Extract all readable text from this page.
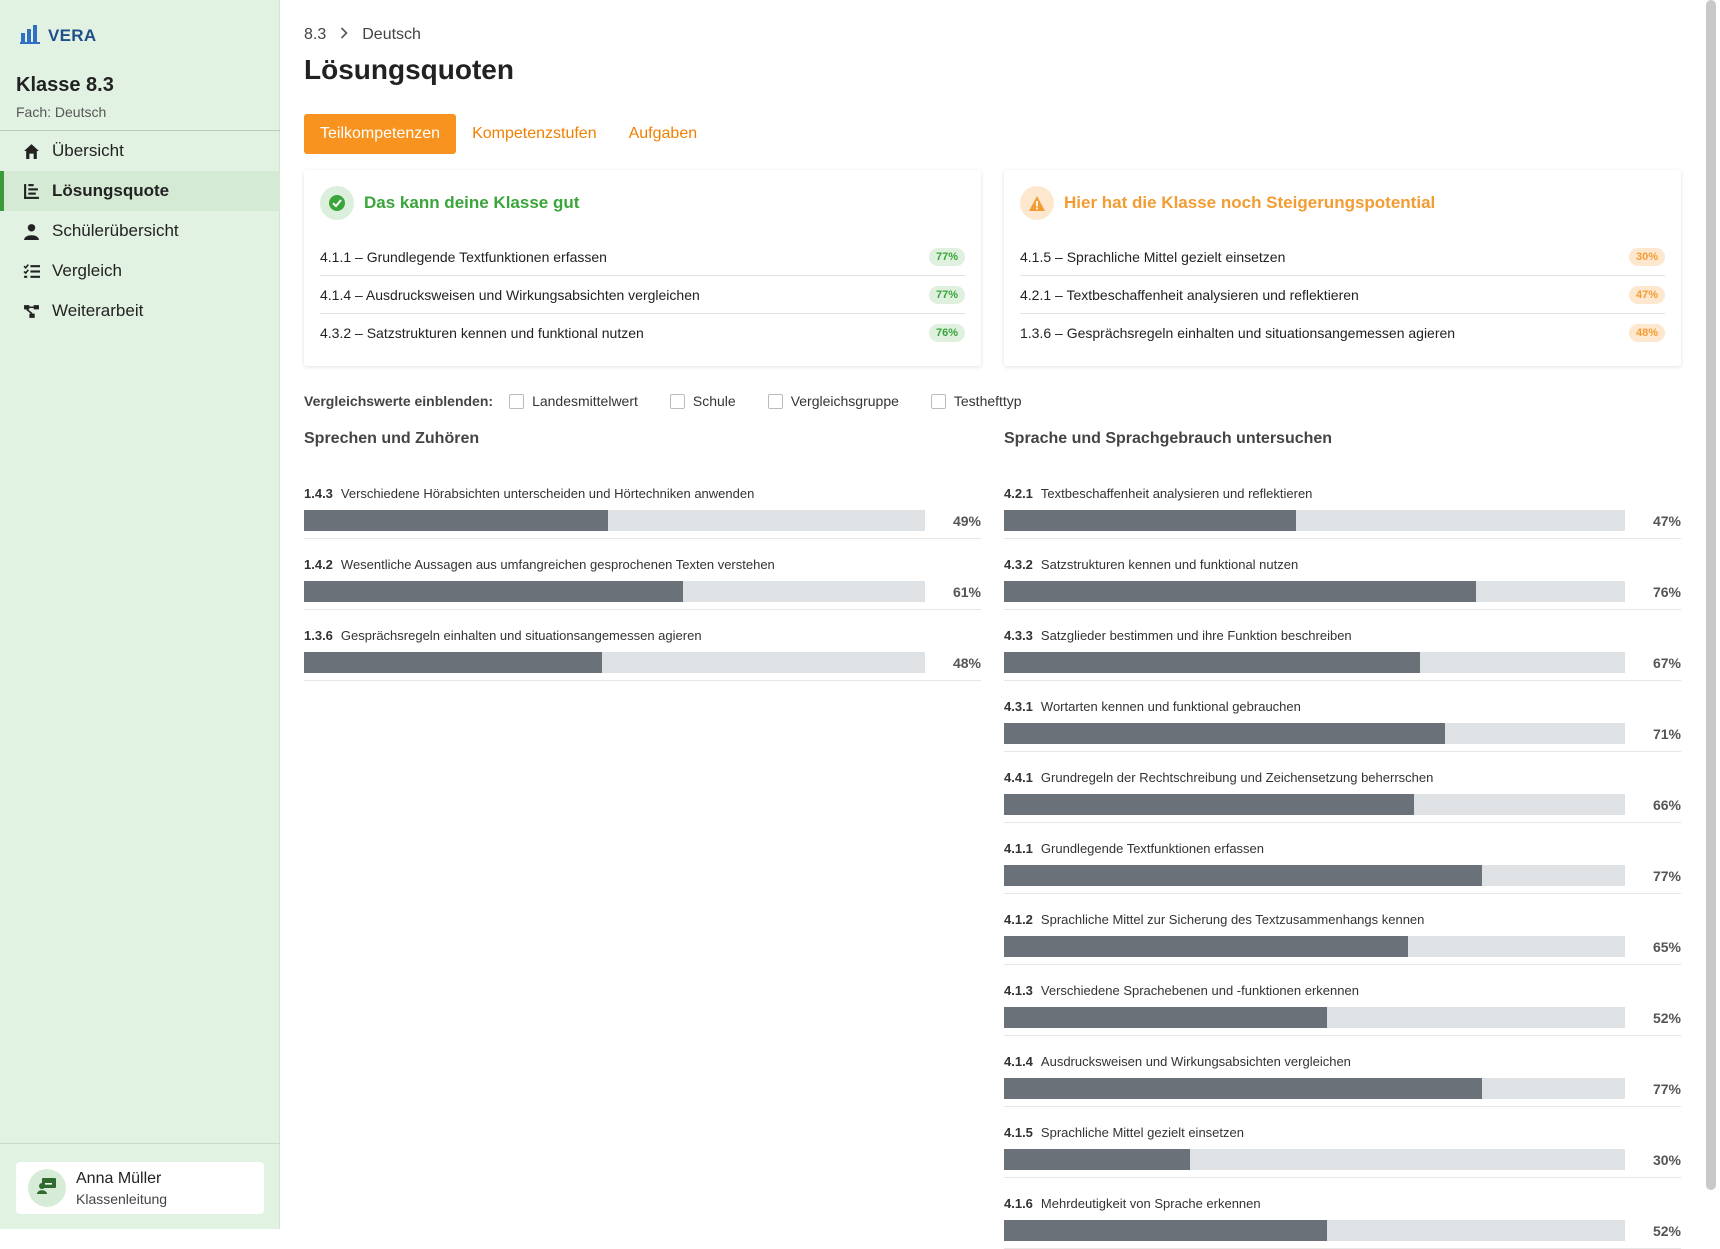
VERA
Klasse 8.3
Fach: Deutsch
Übersicht
Lösungsquote
Schülerübersicht
Vergleich
Weiterarbeit
Anna Müller
Klassenleitung
8.3 Deutsch
Lösungsquoten
Teilkompetenzen	Kompetenzstufen	Aufgaben
Das kann deine Klasse gut
4.1.1 – Grundlegende Textfunktionen erfassen	77%
4.1.4 – Ausdrucksweisen und Wirkungsabsichten vergleichen	77%
4.3.2 – Satzstrukturen kennen und funktional nutzen	76%
Hier hat die Klasse noch Steigerungspotential
4.1.5 – Sprachliche Mittel gezielt einsetzen	30%
4.2.1 – Textbeschaffenheit analysieren und reflektieren	47%
1.3.6 – Gesprächsregeln einhalten und situationsangemessen agieren	48%
Vergleichswerte einblenden:	Landesmittelwert	Schule	Vergleichsgruppe	Testhefttyp
Sprechen und Zuhören
1.4.3 Verschiedene Hörabsichten unterscheiden und Hörtechniken anwenden
49%
1.4.2 Wesentliche Aussagen aus umfangreichen gesprochenen Texten verstehen
61%
1.3.6 Gesprächsregeln einhalten und situationsangemessen agieren
48%
Sprache und Sprachgebrauch untersuchen
4.2.1 Textbeschaffenheit analysieren und reflektieren
47%
4.3.2 Satzstrukturen kennen und funktional nutzen
76%
4.3.3 Satzglieder bestimmen und ihre Funktion beschreiben
67%
4.3.1 Wortarten kennen und funktional gebrauchen
71%
4.4.1 Grundregeln der Rechtschreibung und Zeichensetzung beherrschen
66%
4.1.1 Grundlegende Textfunktionen erfassen
77%
4.1.2 Sprachliche Mittel zur Sicherung des Textzusammenhangs kennen
65%
4.1.3 Verschiedene Sprachebenen und -funktionen erkennen
52%
4.1.4 Ausdrucksweisen und Wirkungsabsichten vergleichen
77%
4.1.5 Sprachliche Mittel gezielt einsetzen
30%
4.1.6 Mehrdeutigkeit von Sprache erkennen
52%
